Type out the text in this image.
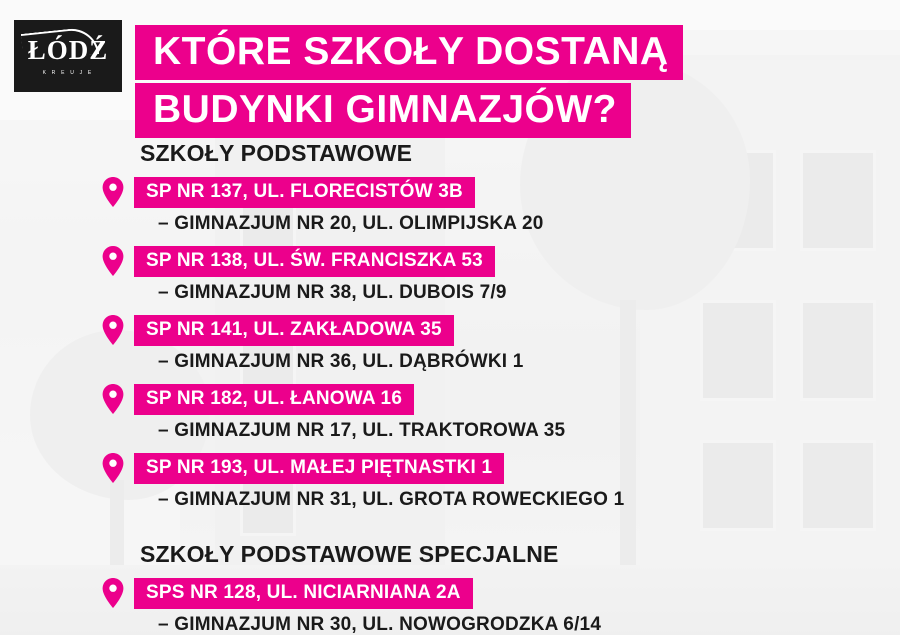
ŁÓDŹ
K R E U J E	KTÓRE SZKOŁY DOSTANĄ
BUDYNKI GIMNAZJÓW?
SZKOŁY PODSTAWOWE
SP NR 137, UL. FLORECISTÓW 3B
– GIMNAZJUM NR 20, UL. OLIMPIJSKA 20
SP NR 138, UL. ŚW. FRANCISZKA 53
– GIMNAZJUM NR 38, UL. DUBOIS 7/9
SP NR 141, UL. ZAKŁADOWA 35
– GIMNAZJUM NR 36, UL. DĄBRÓWKI 1
SP NR 182, UL. ŁANOWA 16
– GIMNAZJUM NR 17, UL. TRAKTOROWA 35
SP NR 193, UL. MAŁEJ PIĘTNASTKI 1
– GIMNAZJUM NR 31, UL. GROTA ROWECKIEGO 1
SZKOŁY PODSTAWOWE SPECJALNE
SPS NR 128, UL. NICIARNIANA 2A
– GIMNAZJUM NR 30, UL. NOWOGRODZKA 6/14
